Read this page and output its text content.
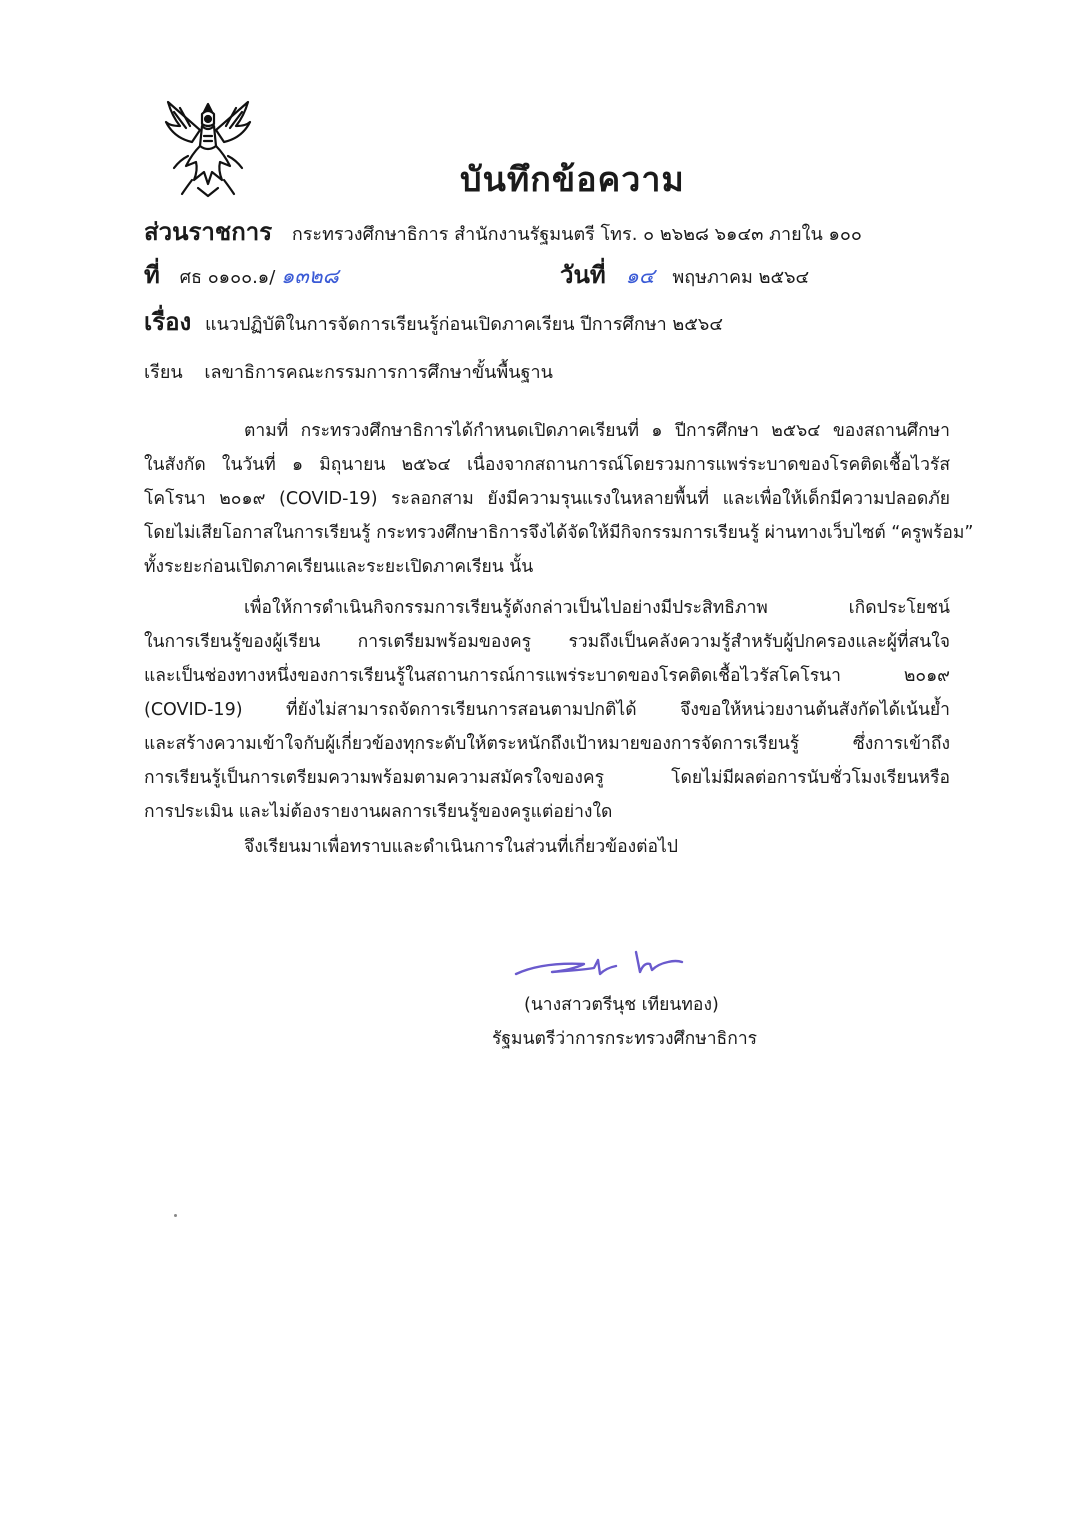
บันทึกข้อความ
ส่วนราชการ กระทรวงศึกษาธิการ สำนักงานรัฐมนตรี โทร. ๐ ๒๖๒๘ ๖๑๔๓ ภายใน ๑๐๐
ที่ ศธ ๐๑๐๐.๑/ ๑๓๒๘	วันที่ ๑๔ พฤษภาคม ๒๕๖๔
เรื่อง แนวปฏิบัติในการจัดการเรียนรู้ก่อนเปิดภาคเรียน ปีการศึกษา ๒๕๖๔
เรียน เลขาธิการคณะกรรมการการศึกษาขั้นพื้นฐาน
ตามที่ กระทรวงศึกษาธิการได้กำหนดเปิดภาคเรียนที่ ๑ ปีการศึกษา ๒๕๖๔ ของสถานศึกษา
ในสังกัด ในวันที่ ๑ มิถุนายน ๒๕๖๔ เนื่องจากสถานการณ์โดยรวมการแพร่ระบาดของโรคติดเชื้อไวรัส
โคโรนา ๒๐๑๙ (COVID-19) ระลอกสาม ยังมีความรุนแรงในหลายพื้นที่ และเพื่อให้เด็กมีความปลอดภัย
โดยไม่เสียโอกาสในการเรียนรู้ กระทรวงศึกษาธิการจึงได้จัดให้มีกิจกรรมการเรียนรู้ ผ่านทางเว็บไซต์ “ครูพร้อม”
ทั้งระยะก่อนเปิดภาคเรียนและระยะเปิดภาคเรียน นั้น
เพื่อให้การดำเนินกิจกรรมการเรียนรู้ดังกล่าวเป็นไปอย่างมีประสิทธิภาพ เกิดประโยชน์
ในการเรียนรู้ของผู้เรียน การเตรียมพร้อมของครู รวมถึงเป็นคลังความรู้สำหรับผู้ปกครองและผู้ที่สนใจ
และเป็นช่องทางหนึ่งของการเรียนรู้ในสถานการณ์การแพร่ระบาดของโรคติดเชื้อไวรัสโคโรนา ๒๐๑๙
(COVID-19) ที่ยังไม่สามารถจัดการเรียนการสอนตามปกติได้ จึงขอให้หน่วยงานต้นสังกัดได้เน้นย้ำ
และสร้างความเข้าใจกับผู้เกี่ยวข้องทุกระดับให้ตระหนักถึงเป้าหมายของการจัดการเรียนรู้ ซึ่งการเข้าถึง
การเรียนรู้เป็นการเตรียมความพร้อมตามความสมัครใจของครู โดยไม่มีผลต่อการนับชั่วโมงเรียนหรือ
การประเมิน และไม่ต้องรายงานผลการเรียนรู้ของครูแต่อย่างใด
จึงเรียนมาเพื่อทราบและดำเนินการในส่วนที่เกี่ยวข้องต่อไป
(นางสาวตรีนุช เทียนทอง)
รัฐมนตรีว่าการกระทรวงศึกษาธิการ
